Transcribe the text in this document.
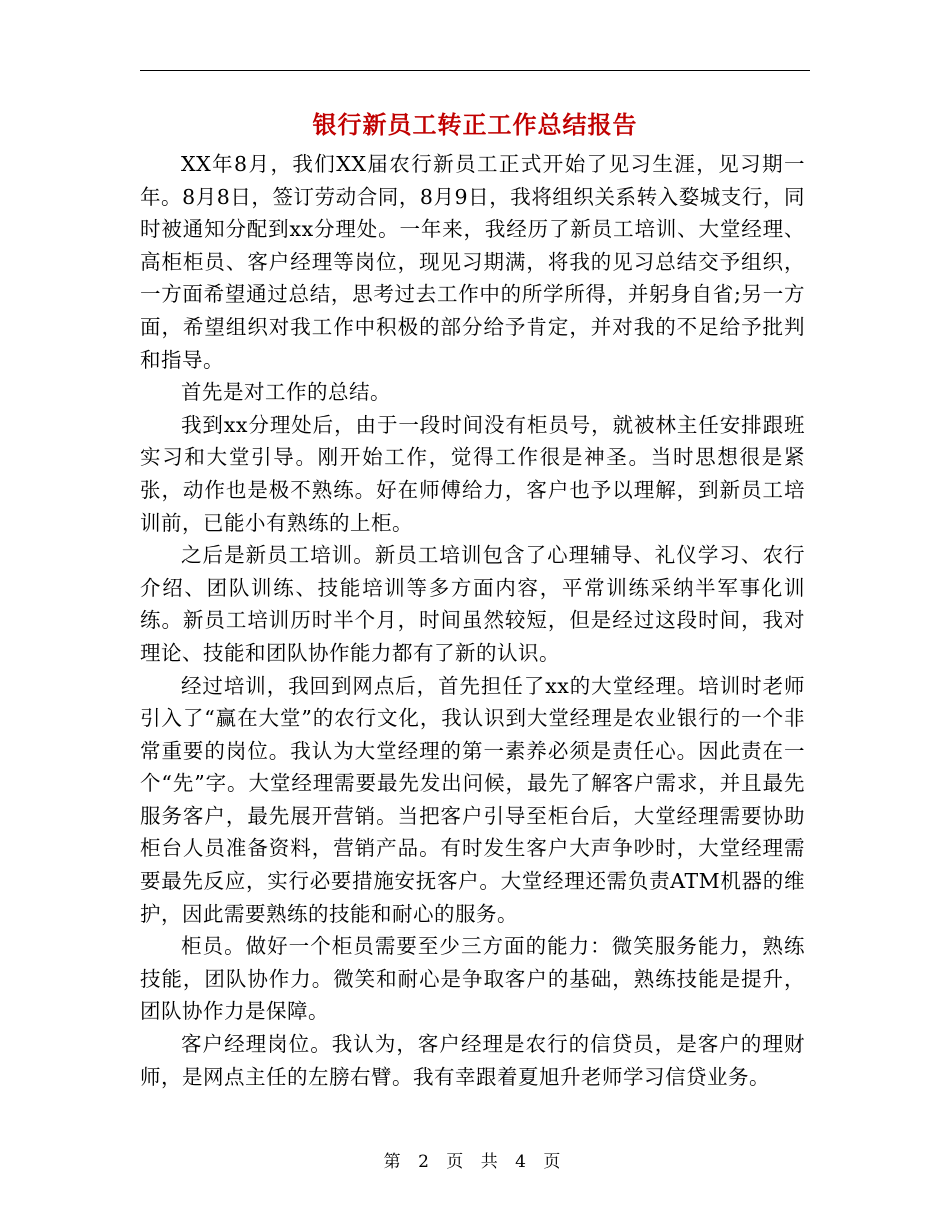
银行新员工转正工作总结报告

XX年8月，我们XX届农行新员工正式开始了见习生涯，见习期一年。8月8日，签订劳动合同，8月9日，我将组织关系转入婺城支行，同时被通知分配到xx分理处。一年来，我经历了新员工培训、大堂经理、高柜柜员、客户经理等岗位，现见习期满，将我的见习总结交予组织，一方面希望通过总结，思考过去工作中的所学所得，并躬身自省;另一方面，希望组织对我工作中积极的部分给予肯定，并对我的不足给予批判和指导。

首先是对工作的总结。

我到xx分理处后，由于一段时间没有柜员号，就被林主任安排跟班实习和大堂引导。刚开始工作，觉得工作很是神圣。当时思想很是紧张，动作也是极不熟练。好在师傅给力，客户也予以理解，到新员工培训前，已能小有熟练的上柜。

之后是新员工培训。新员工培训包含了心理辅导、礼仪学习、农行介绍、团队训练、技能培训等多方面内容，平常训练采纳半军事化训练。新员工培训历时半个月，时间虽然较短，但是经过这段时间，我对理论、技能和团队协作能力都有了新的认识。

经过培训，我回到网点后，首先担任了xx的大堂经理。培训时老师引入了“赢在大堂”的农行文化，我认识到大堂经理是农业银行的一个非常重要的岗位。我认为大堂经理的第一素养必须是责任心。因此责在一个“先”字。大堂经理需要最先发出问候，最先了解客户需求，并且最先服务客户，最先展开营销。当把客户引导至柜台后，大堂经理需要协助柜台人员准备资料，营销产品。有时发生客户大声争吵时，大堂经理需要最先反应，实行必要措施安抚客户。大堂经理还需负责ATM机器的维护，因此需要熟练的技能和耐心的服务。

柜员。做好一个柜员需要至少三方面的能力：微笑服务能力，熟练技能，团队协作力。微笑和耐心是争取客户的基础，熟练技能是提升，团队协作力是保障。

客户经理岗位。我认为，客户经理是农行的信贷员，是客户的理财师，是网点主任的左膀右臂。我有幸跟着夏旭升老师学习信贷业务。

第 2 页 共 4 页
